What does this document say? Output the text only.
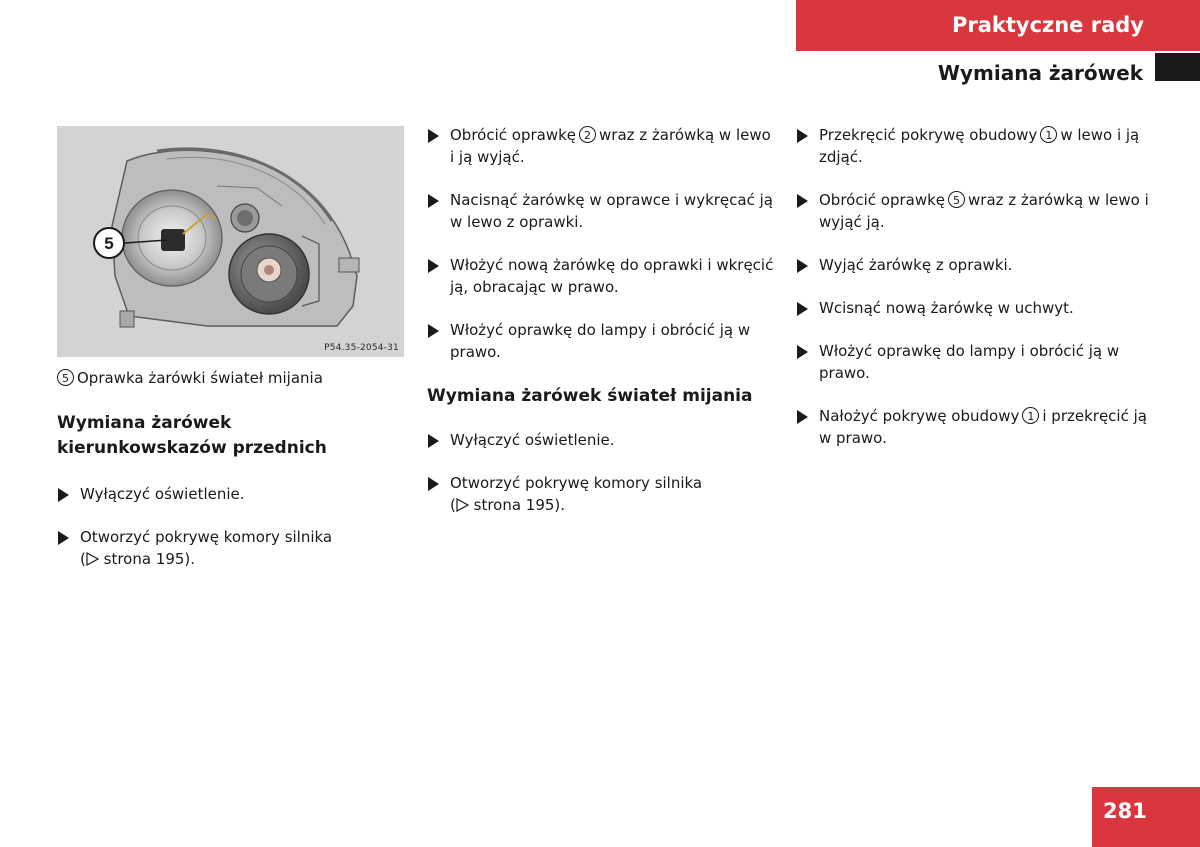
Praktyczne rady
Wymiana żarówek
5
P54.35-2054-31
5 Oprawka żarówki świateł mijania
Wymiana żarówek kierunkowskazów przednich
Wyłączyć oświetlenie.
Otworzyć pokrywę komory silnika
(
strona 195).
Obrócić oprawkę 2 wraz z żarówką w lewo i ją wyjąć.
Nacisnąć żarówkę w oprawce i wykręcać ją w lewo z oprawki.
Włożyć nową żarówkę do oprawki i wkręcić ją, obracając w prawo.
Włożyć oprawkę do lampy i obrócić ją w prawo.
Wymiana żarówek świateł mijania
Wyłączyć oświetlenie.
Otworzyć pokrywę komory silnika
(
strona 195).
Przekręcić pokrywę obudowy 1 w lewo i ją zdjąć.
Obrócić oprawkę 5 wraz z żarówką w lewo i wyjąć ją.
Wyjąć żarówkę z oprawki.
Wcisnąć nową żarówkę w uchwyt.
Włożyć oprawkę do lampy i obrócić ją w prawo.
Nałożyć pokrywę obudowy 1 i przekręcić ją w prawo.
281
